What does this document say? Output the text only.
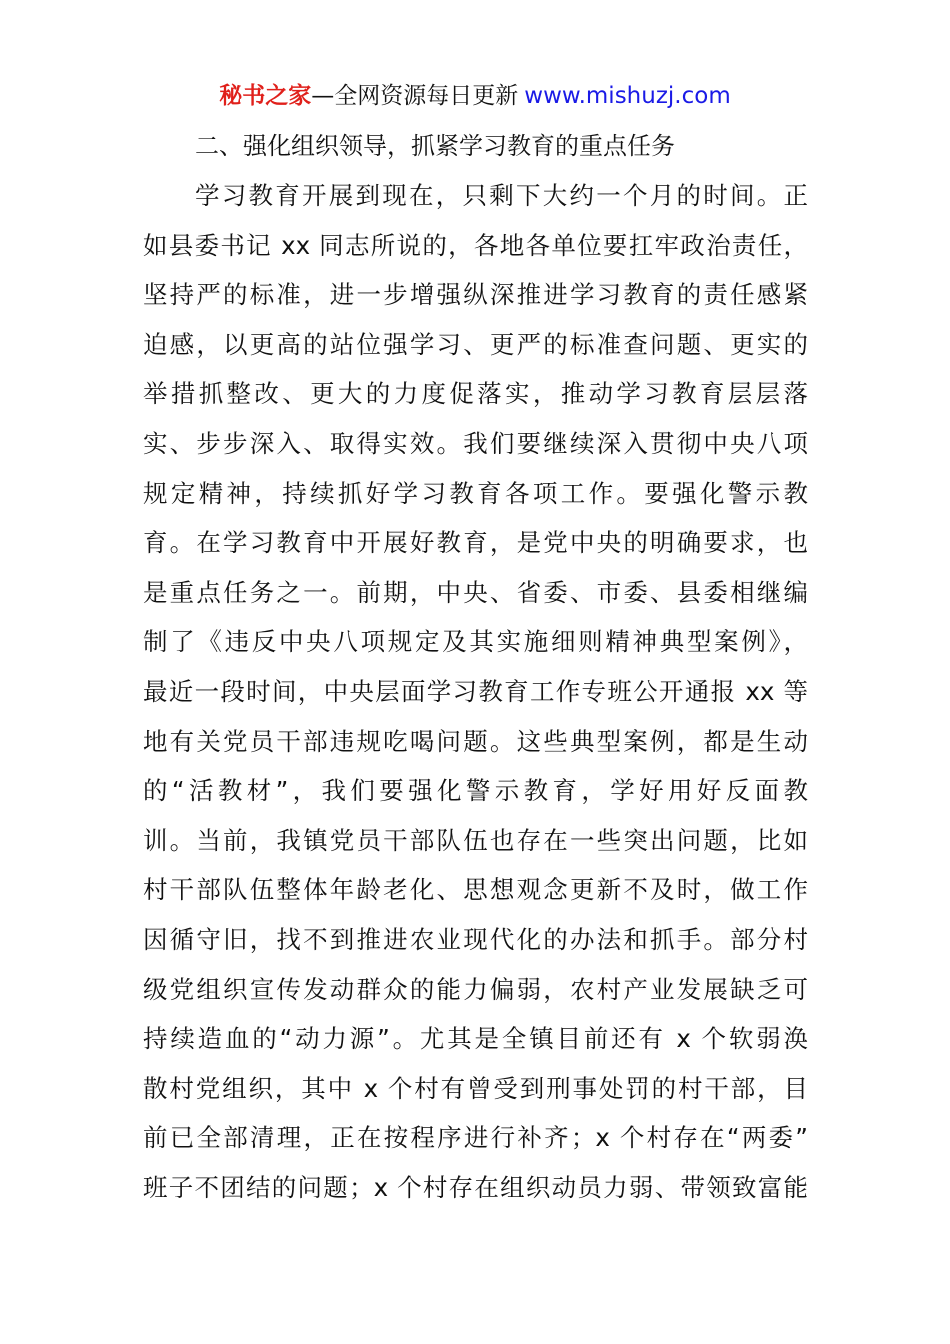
秘书之家—全网资源每日更新 www.mishuzj.com
二、强化组织领导，抓紧学习教育的重点任务
学习教育开展到现在，只剩下大约一个月的时间。正
如县委书记 xx 同志所说的，各地各单位要扛牢政治责任，
坚持严的标准，进一步增强纵深推进学习教育的责任感紧
迫感，以更高的站位强学习、更严的标准查问题、更实的
举措抓整改、更大的力度促落实，推动学习教育层层落
实、步步深入、取得实效。我们要继续深入贯彻中央八项
规定精神，持续抓好学习教育各项工作。要强化警示教
育。在学习教育中开展好教育，是党中央的明确要求，也
是重点任务之一。前期，中央、省委、市委、县委相继编
制了《违反中央八项规定及其实施细则精神典型案例》，
最近一段时间，中央层面学习教育工作专班公开通报 xx 等
地有关党员干部违规吃喝问题。这些典型案例，都是生动
的“活教材”，我们要强化警示教育，学好用好反面教
训。当前，我镇党员干部队伍也存在一些突出问题，比如
村干部队伍整体年龄老化、思想观念更新不及时，做工作
因循守旧，找不到推进农业现代化的办法和抓手。部分村
级党组织宣传发动群众的能力偏弱，农村产业发展缺乏可
持续造血的“动力源”。尤其是全镇目前还有 x 个软弱涣
散村党组织，其中 x 个村有曾受到刑事处罚的村干部，目
前已全部清理，正在按程序进行补齐；x 个村存在“两委”
班子不团结的问题；x 个村存在组织动员力弱、带领致富能
